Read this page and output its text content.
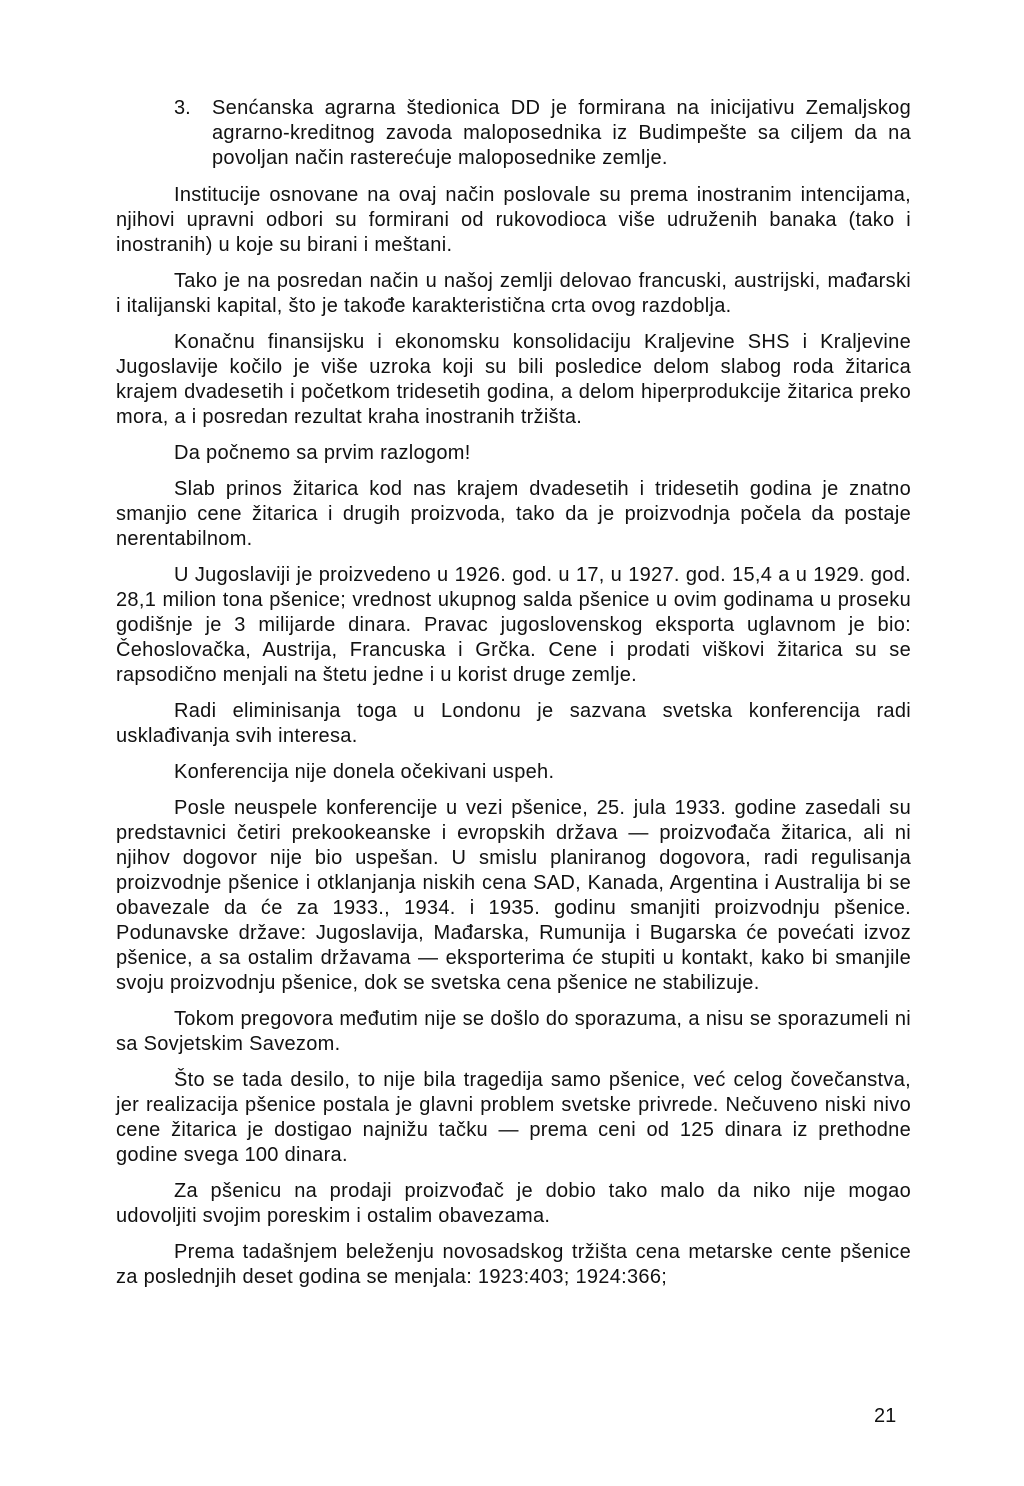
3. Senćanska agrarna štedionica DD je formirana na inicijativu Zemaljskog agrarno-kreditnog zavoda maloposednika iz Budimpešte sa ciljem da na povoljan način rasterećuje maloposednike zemlje.

Institucije osnovane na ovaj način poslovale su prema inostranim intencijama, njihovi upravni odbori su formirani od rukovodioca više udruženih banaka (tako i inostranih) u koje su birani i meštani.

Tako je na posredan način u našoj zemlji delovao francuski, austrijski, mađarski i italijanski kapital, što je takođe karakteristična crta ovog razdoblja.

Konačnu finansijsku i ekonomsku konsolidaciju Kraljevine SHS i Kraljevine Jugoslavije kočilo je više uzroka koji su bili posledice delom slabog roda žitarica krajem dvadesetih i početkom tridesetih godina, a delom hiperprodukcije žitarica preko mora, a i posredan rezultat kraha inostranih tržišta.

Da počnemo sa prvim razlogom!

Slab prinos žitarica kod nas krajem dvadesetih i tridesetih godina je znatno smanjio cene žitarica i drugih proizvoda, tako da je proizvodnja počela da postaje nerentabilnom.

U Jugoslaviji je proizvedeno u 1926. god. u 17, u 1927. god. 15,4 a u 1929. god. 28,1 milion tona pšenice; vrednost ukupnog salda pšenice u ovim godinama u proseku godišnje je 3 milijarde dinara. Pravac jugoslovenskog eksporta uglavnom je bio: Čehoslovačka, Austrija, Francuska i Grčka. Cene i prodati viškovi žitarica su se rapsodično menjali na štetu jedne i u korist druge zemlje.

Radi eliminisanja toga u Londonu je sazvana svetska konferencija radi usklađivanja svih interesa.

Konferencija nije donela očekivani uspeh.

Posle neuspele konferencije u vezi pšenice, 25. jula 1933. godine zasedali su predstavnici četiri prekookeanske i evropskih država — proizvođača žitarica, ali ni njihov dogovor nije bio uspešan. U smislu planiranog dogovora, radi regulisanja proizvodnje pšenice i otklanjanja niskih cena SAD, Kanada, Argentina i Australija bi se obavezale da će za 1933., 1934. i 1935. godinu smanjiti proizvodnju pšenice. Podunavske države: Jugoslavija, Mađarska, Rumunija i Bugarska će povećati izvoz pšenice, a sa ostalim državama — eksporterima će stupiti u kontakt, kako bi smanjile svoju proizvodnju pšenice, dok se svetska cena pšenice ne stabilizuje.

Tokom pregovora međutim nije se došlo do sporazuma, a nisu se sporazumeli ni sa Sovjetskim Savezom.

Što se tada desilo, to nije bila tragedija samo pšenice, već celog čovečanstva, jer realizacija pšenice postala je glavni problem svetske privrede. Nečuveno niski nivo cene žitarica je dostigao najnižu tačku — prema ceni od 125 dinara iz prethodne godine svega 100 dinara.

Za pšenicu na prodaji proizvođač je dobio tako malo da niko nije mogao udovoljiti svojim poreskim i ostalim obavezama.

Prema tadašnjem beleženju novosadskog tržišta cena metarske cente pšenice za poslednjih deset godina se menjala: 1923:403; 1924:366;

21
